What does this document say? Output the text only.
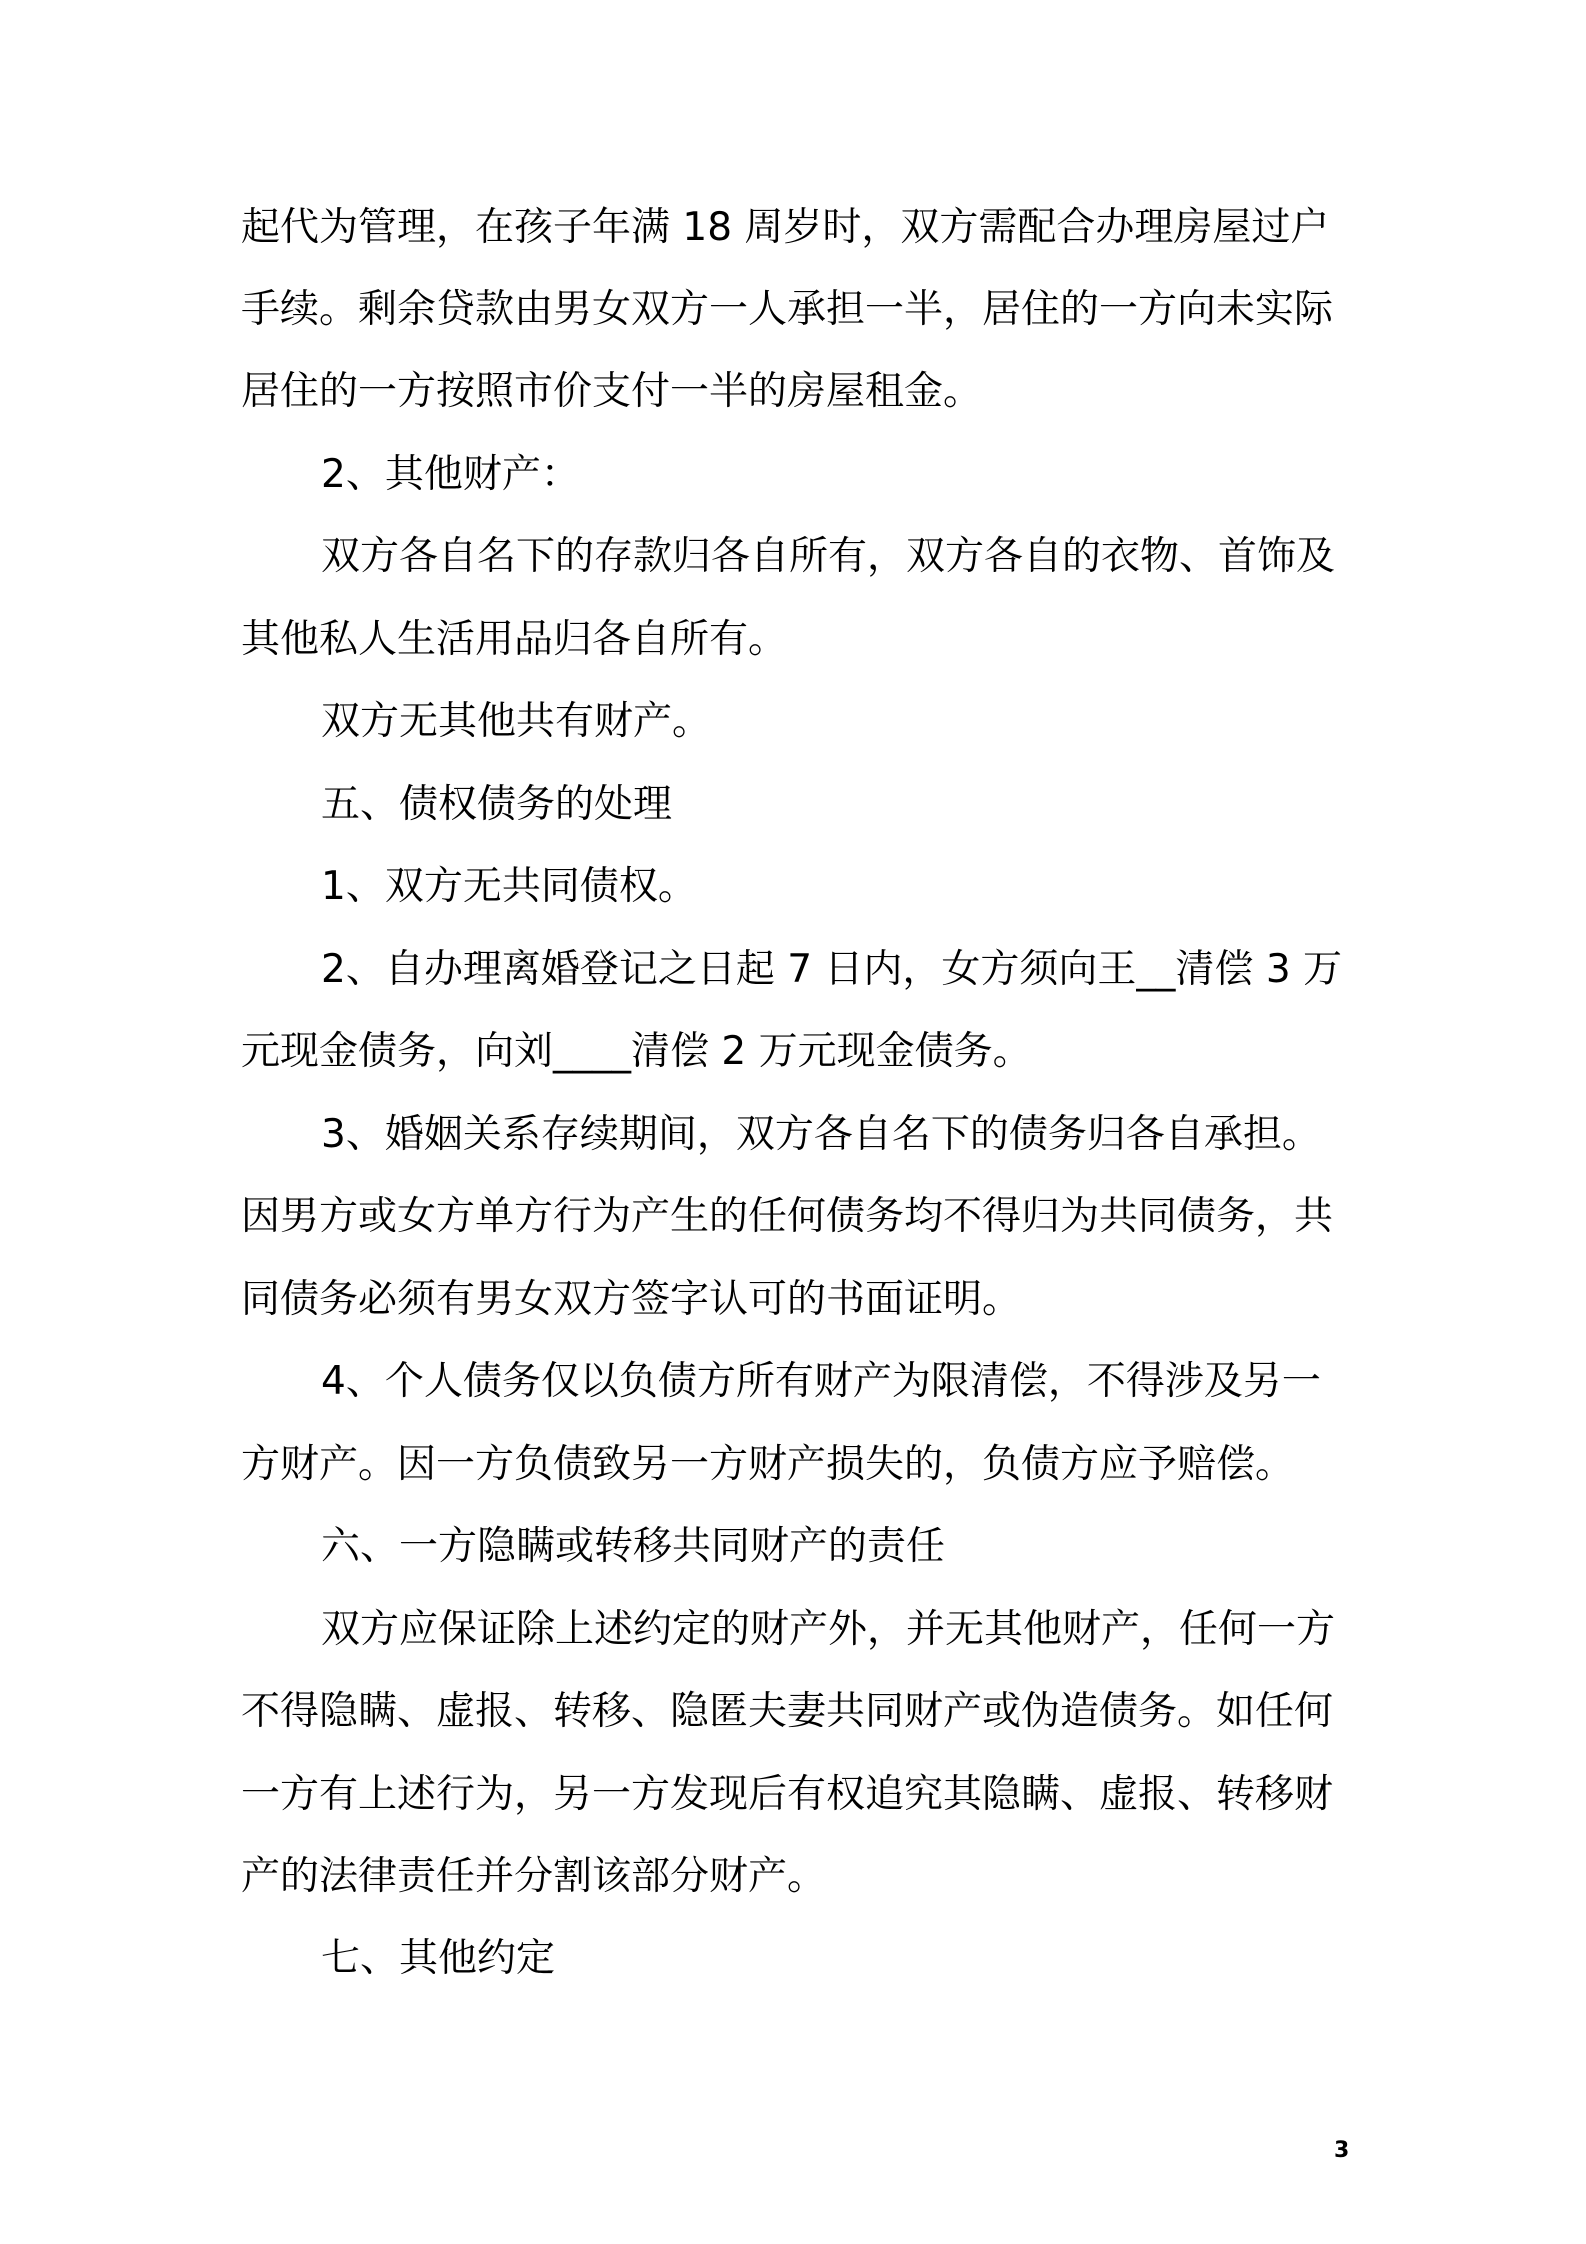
起代为管理，在孩子年满 18 周岁时，双方需配合办理房屋过户

手续。剩余贷款由男女双方一人承担一半，居住的一方向未实际

居住的一方按照市价支付一半的房屋租金。

2、其他财产：

双方各自名下的存款归各自所有，双方各自的衣物、首饰及

其他私人生活用品归各自所有。

双方无其他共有财产。

五、债权债务的处理

1、双方无共同债权。

2、自办理离婚登记之日起 7 日内，女方须向王__清偿 3 万

元现金债务，向刘____清偿 2 万元现金债务。

3、婚姻关系存续期间，双方各自名下的债务归各自承担。

因男方或女方单方行为产生的任何债务均不得归为共同债务，共

同债务必须有男女双方签字认可的书面证明。

4、个人债务仅以负债方所有财产为限清偿，不得涉及另一

方财产。因一方负债致另一方财产损失的，负债方应予赔偿。

六、一方隐瞒或转移共同财产的责任

双方应保证除上述约定的财产外，并无其他财产，任何一方

不得隐瞒、虚报、转移、隐匿夫妻共同财产或伪造债务。如任何

一方有上述行为，另一方发现后有权追究其隐瞒、虚报、转移财

产的法律责任并分割该部分财产。

七、其他约定

3
